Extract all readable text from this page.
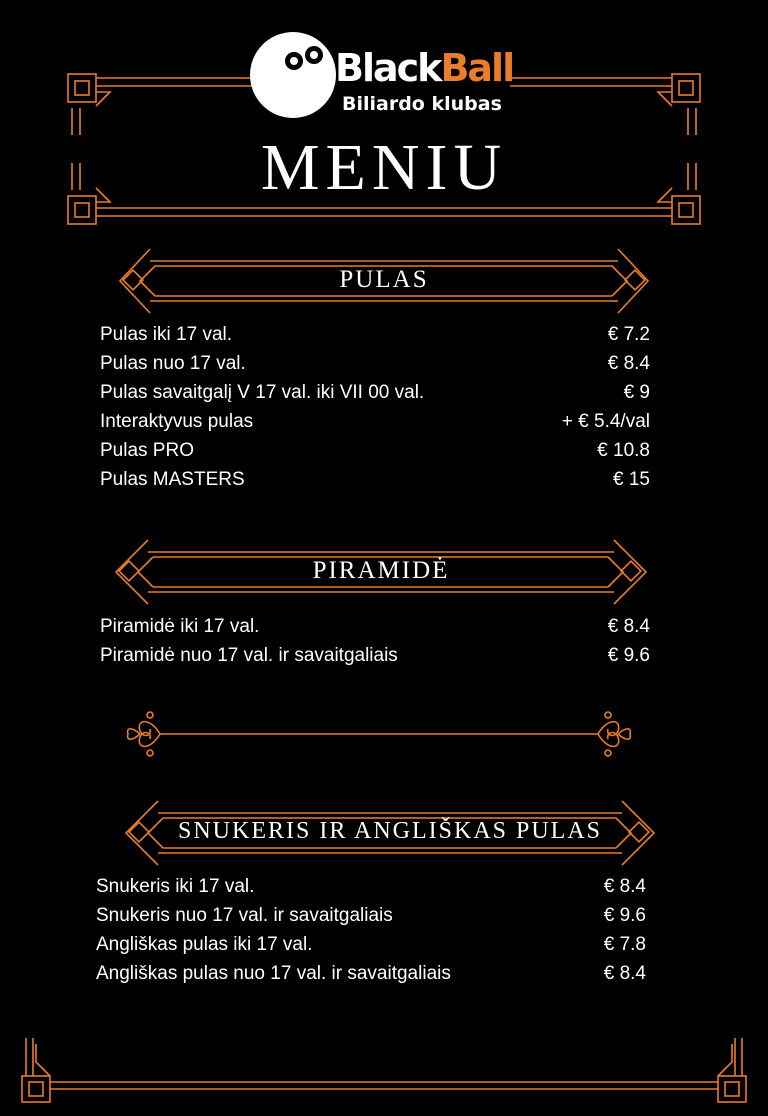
BlackBall
Biliardo klubas
MENIU
PULAS
Pulas iki 17 val.	€ 7.2
Pulas nuo 17 val.	€ 8.4
Pulas savaitgalį V 17 val. iki VII 00 val.	€ 9
Interaktyvus pulas	+ € 5.4/val
Pulas PRO	€ 10.8
Pulas MASTERS	€ 15
PIRAMIDĖ
Piramidė iki 17 val.	€ 8.4
Piramidė nuo 17 val. ir savaitgaliais	€ 9.6
SNUKERIS IR ANGLIŠKAS PULAS
Snukeris iki 17 val.	€ 8.4
Snukeris nuo 17 val. ir savaitgaliais	€ 9.6
Angliškas pulas iki 17 val.	€ 7.8
Angliškas pulas nuo 17 val. ir savaitgaliais	€ 8.4
